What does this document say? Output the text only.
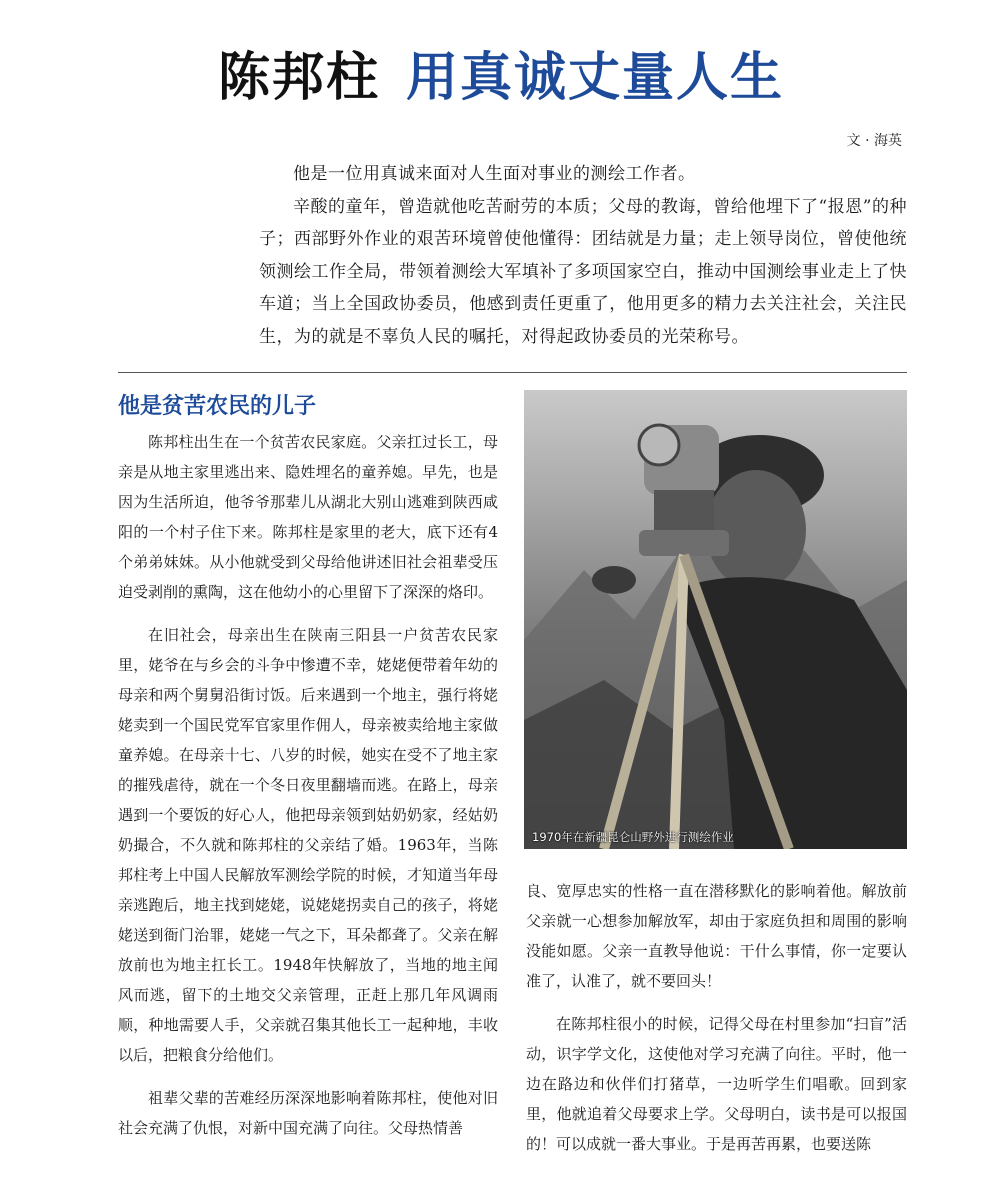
陈邦柱 用真诚丈量人生
文 · 海英

他是一位用真诚来面对人生面对事业的测绘工作者。

辛酸的童年，曾造就他吃苦耐劳的本质；父母的教诲，曾给他埋下了“报恩”的种子；西部野外作业的艰苦环境曾使他懂得：团结就是力量；走上领导岗位，曾使他统领测绘工作全局，带领着测绘大军填补了多项国家空白，推动中国测绘事业走上了快车道；当上全国政协委员，他感到责任更重了，他用更多的精力去关注社会，关注民生，为的就是不辜负人民的嘱托，对得起政协委员的光荣称号。

他是贫苦农民的儿子

陈邦柱出生在一个贫苦农民家庭。父亲扛过长工，母亲是从地主家里逃出来、隐姓埋名的童养媳。早先，也是因为生活所迫，他爷爷那辈儿从湖北大别山逃难到陕西咸阳的一个村子住下来。陈邦柱是家里的老大，底下还有4个弟弟妹妹。从小他就受到父母给他讲述旧社会祖辈受压迫受剥削的熏陶，这在他幼小的心里留下了深深的烙印。

在旧社会，母亲出生在陕南三阳县一户贫苦农民家里，姥爷在与乡会的斗争中惨遭不幸，姥姥便带着年幼的母亲和两个舅舅沿街讨饭。后来遇到一个地主，强行将姥姥卖到一个国民党军官家里作佣人，母亲被卖给地主家做童养媳。在母亲十七、八岁的时候，她实在受不了地主家的摧残虐待，就在一个冬日夜里翻墙而逃。在路上，母亲遇到一个要饭的好心人，他把母亲领到姑奶奶家，经姑奶奶撮合，不久就和陈邦柱的父亲结了婚。1963年，当陈邦柱考上中国人民解放军测绘学院的时候，才知道当年母亲逃跑后，地主找到姥姥，说姥姥拐卖自己的孩子，将姥姥送到衙门治罪，姥姥一气之下，耳朵都聋了。父亲在解放前也为地主扛长工。1948年快解放了，当地的地主闻风而逃，留下的土地交父亲管理，正赶上那几年风调雨顺，种地需要人手，父亲就召集其他长工一起种地，丰收以后，把粮食分给他们。

祖辈父辈的苦难经历深深地影响着陈邦柱，使他对旧社会充满了仇恨，对新中国充满了向往。父母热情善

1970年在新疆昆仑山野外进行测绘作业

良、宽厚忠实的性格一直在潜移默化的影响着他。解放前父亲就一心想参加解放军，却由于家庭负担和周围的影响没能如愿。父亲一直教导他说：干什么事情，你一定要认准了，认准了，就不要回头！

在陈邦柱很小的时候，记得父母在村里参加“扫盲”活动，识字学文化，这使他对学习充满了向往。平时，他一边在路边和伙伴们打猪草，一边听学生们唱歌。回到家里，他就追着父母要求上学。父母明白，读书是可以报国的！可以成就一番大事业。于是再苦再累，也要送陈
